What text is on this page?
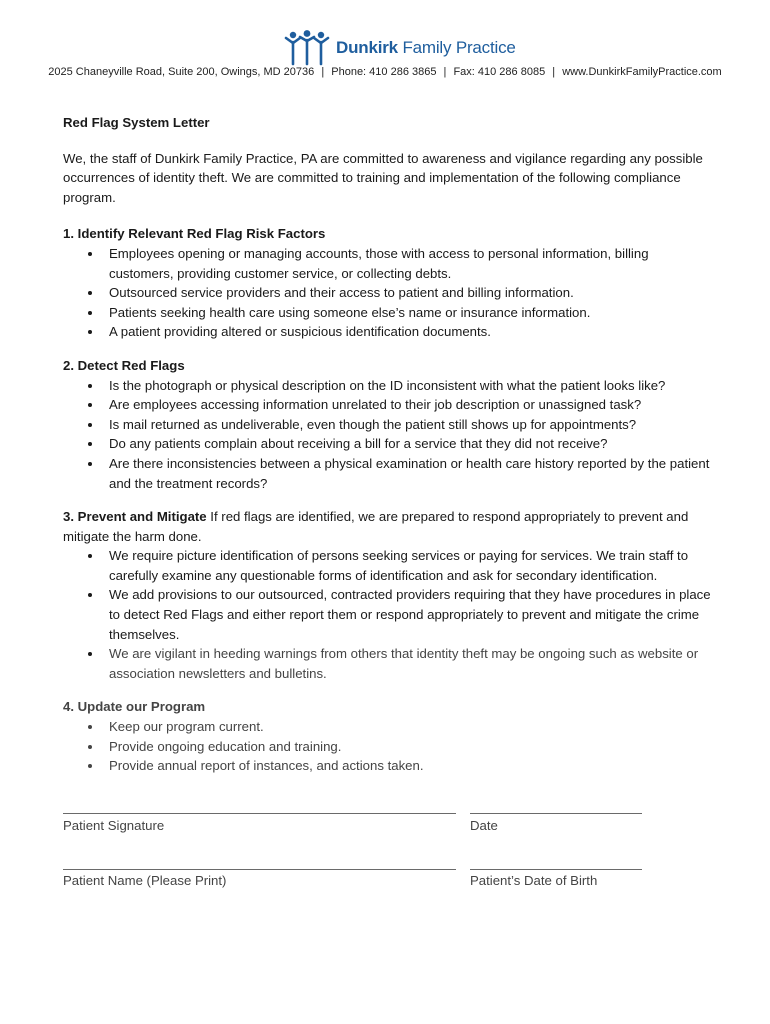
Dunkirk Family Practice
2025 Chaneyville Road, Suite 200, Owings, MD 20736 | Phone: 410 286 3865 | Fax: 410 286 8085 | www.DunkirkFamilyPractice.com

Red Flag System Letter

We, the staff of Dunkirk Family Practice, PA are committed to awareness and vigilance regarding any possible occurrences of identity theft. We are committed to training and implementation of the following compliance program.

1. Identify Relevant Red Flag Risk Factors

Employees opening or managing accounts, those with access to personal information, billing customers, providing customer service, or collecting debts.
Outsourced service providers and their access to patient and billing information.
Patients seeking health care using someone else’s name or insurance information.
A patient providing altered or suspicious identification documents.

2. Detect Red Flags

Is the photograph or physical description on the ID inconsistent with what the patient looks like?
Are employees accessing information unrelated to their job description or unassigned task?
Is mail returned as undeliverable, even though the patient still shows up for appointments?
Do any patients complain about receiving a bill for a service that they did not receive?
Are there inconsistencies between a physical examination or health care history reported by the patient and the treatment records?

3. Prevent and Mitigate If red flags are identified, we are prepared to respond appropriately to prevent and mitigate the harm done.

We require picture identification of persons seeking services or paying for services. We train staff to carefully examine any questionable forms of identification and ask for secondary identification.
We add provisions to our outsourced, contracted providers requiring that they have procedures in place to detect Red Flags and either report them or respond appropriately to prevent and mitigate the crime themselves.
We are vigilant in heeding warnings from others that identity theft may be ongoing such as website or association newsletters and bulletins.

4. Update our Program

Keep our program current.
Provide ongoing education and training.
Provide annual report of instances, and actions taken.
Patient Signature	Date
Patient Name (Please Print)	Patient’s Date of Birth
